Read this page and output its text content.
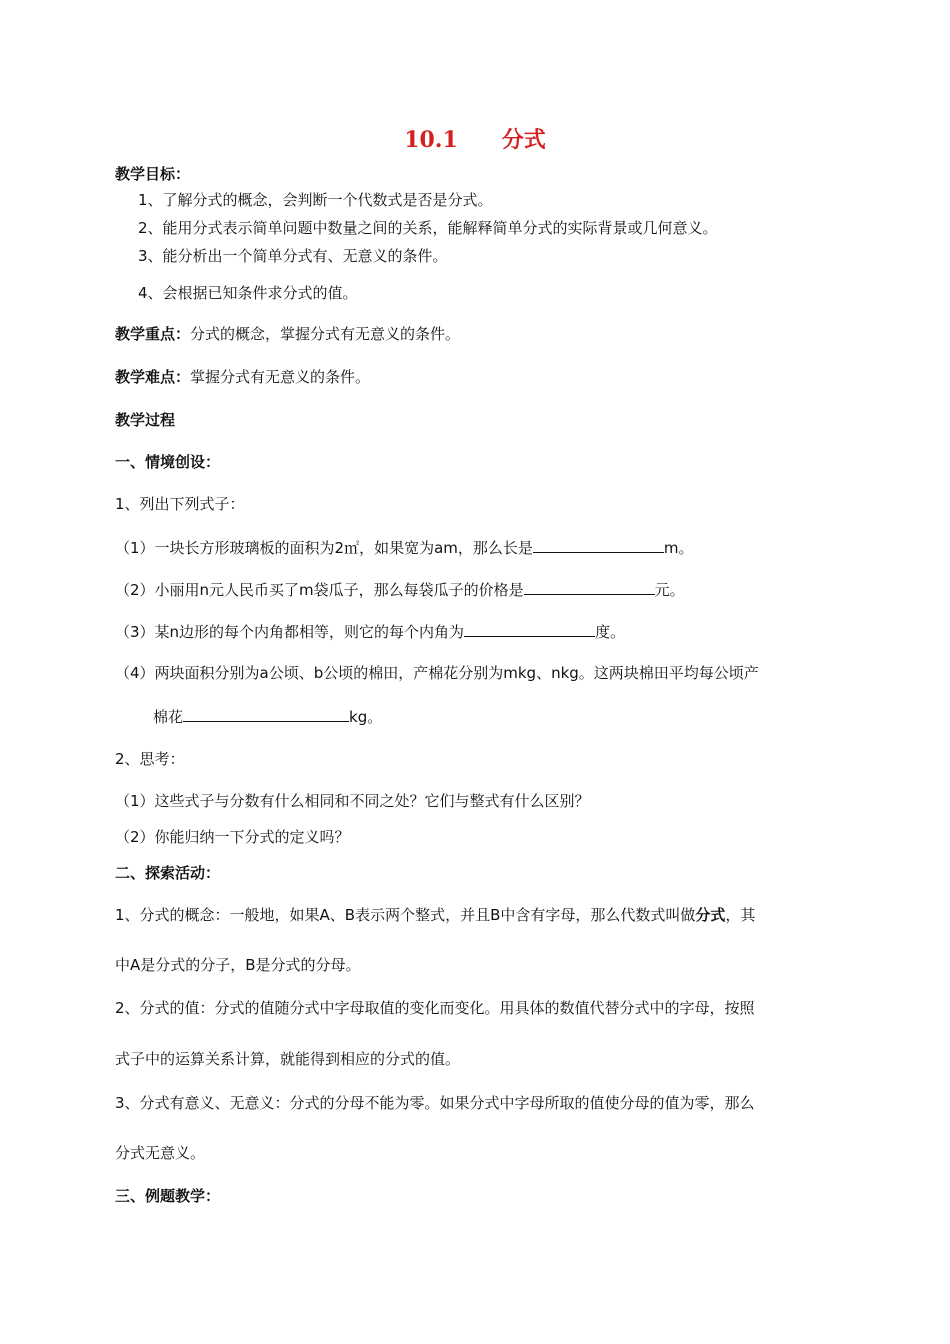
10.1 分式
教学目标：
1、了解分式的概念，会判断一个代数式是否是分式。
2、能用分式表示简单问题中数量之间的关系，能解释简单分式的实际背景或几何意义。
3、能分析出一个简单分式有、无意义的条件。
4、会根据已知条件求分式的值。
教学重点：分式的概念，掌握分式有无意义的条件。
教学难点：掌握分式有无意义的条件。
教学过程
一、情境创设：
1、列出下列式子：
（1）一块长方形玻璃板的面积为2㎡，如果宽为am，那么长是	m。
（2）小丽用n元人民币买了m袋瓜子，那么每袋瓜子的价格是	元。
（3）某n边形的每个内角都相等，则它的每个内角为	度。
（4）两块面积分别为a公顷、b公顷的棉田，产棉花分别为mkg、nkg。这两块棉田平均每公顷产
棉花	kg。
2、思考：
（1）这些式子与分数有什么相同和不同之处？它们与整式有什么区别？
（2）你能归纳一下分式的定义吗？
二、探索活动：
1、分式的概念：一般地，如果A、B表示两个整式，并且B中含有字母，那么代数式叫做分式，其
中A是分式的分子，B是分式的分母。
2、分式的值：分式的值随分式中字母取值的变化而变化。用具体的数值代替分式中的字母，按照
式子中的运算关系计算，就能得到相应的分式的值。
3、分式有意义、无意义：分式的分母不能为零。如果分式中字母所取的值使分母的值为零，那么
分式无意义。
三、例题教学：
